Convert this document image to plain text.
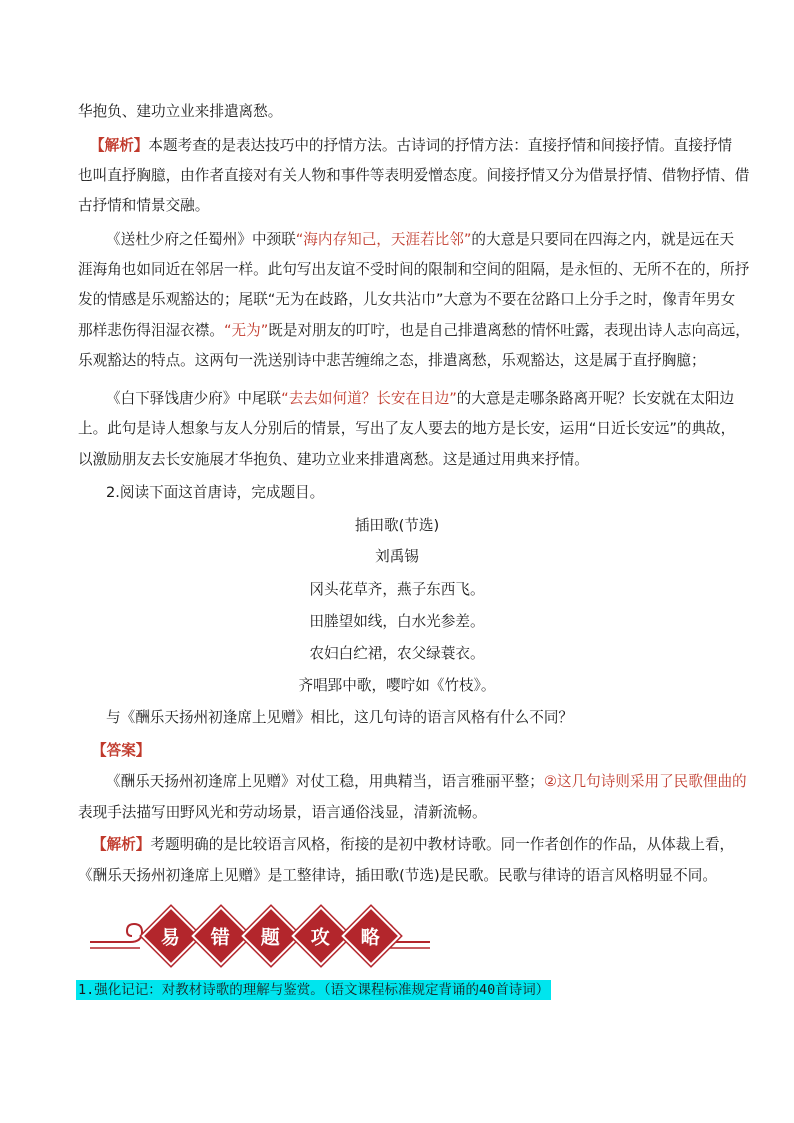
华抱负、建功立业来排遣离愁。
【解析】本题考查的是表达技巧中的抒情方法。古诗词的抒情方法：直接抒情和间接抒情。直接抒情
也叫直抒胸臆，由作者直接对有关人物和事件等表明爱憎态度。间接抒情又分为借景抒情、借物抒情、借
古抒情和情景交融。
《送杜少府之任蜀州》中颈联“海内存知己，天涯若比邻”的大意是只要同在四海之内，就是远在天
涯海角也如同近在邻居一样。此句写出友谊不受时间的限制和空间的阻隔，是永恒的、无所不在的，所抒
发的情感是乐观豁达的；尾联“无为在歧路，儿女共沾巾”大意为不要在岔路口上分手之时，像青年男女
那样悲伤得泪湿衣襟。“无为”既是对朋友的叮咛，也是自己排遣离愁的情怀吐露，表现出诗人志向高远，
乐观豁达的特点。这两句一洗送别诗中悲苦缠绵之态，排遣离愁，乐观豁达，这是属于直抒胸臆；
《白下驿饯唐少府》中尾联“去去如何道？长安在日边”的大意是走哪条路离开呢？长安就在太阳边
上。此句是诗人想象与友人分别后的情景，写出了友人要去的地方是长安，运用“日近长安远”的典故，
以激励朋友去长安施展才华抱负、建功立业来排遣离愁。这是通过用典来抒情。
2.阅读下面这首唐诗，完成题目。
插田歌(节选)
刘禹锡
冈头花草齐，燕子东西飞。
田塍望如线，白水光参差。
农妇白纻裙，农父绿蓑衣。
齐唱郢中歌，嘤咛如《竹枝》。
与《酬乐天扬州初逢席上见赠》相比，这几句诗的语言风格有什么不同？
【答案】
《酬乐天扬州初逢席上见赠》对仗工稳，用典精当，语言雅丽平整；②这几句诗则采用了民歌俚曲的
表现手法描写田野风光和劳动场景，语言通俗浅显，清新流畅。
【解析】考题明确的是比较语言风格，衔接的是初中教材诗歌。同一作者创作的作品，从体裁上看，
《酬乐天扬州初逢席上见赠》是工整律诗，插田歌(节选)是民歌。民歌与律诗的语言风格明显不同。
易 错 题 攻 略
1.强化记记：对教材诗歌的理解与鉴赏。（语文课程标准规定背诵的40首诗词）
